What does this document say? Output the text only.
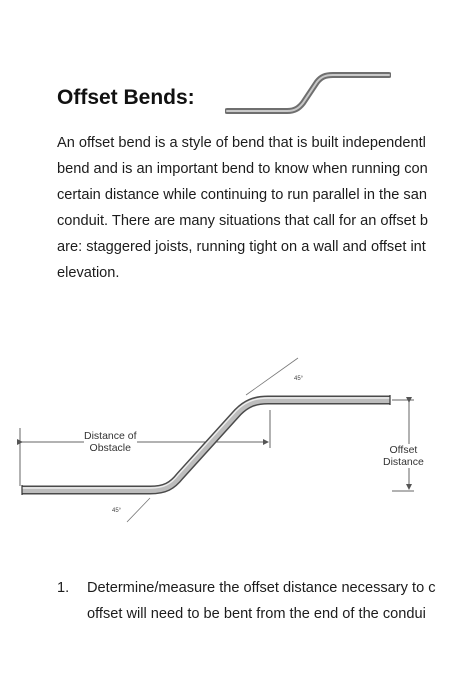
Offset Bends:
An offset bend is a style of bend that is built independentl
bend and is an important bend to know when running con
certain distance while continuing to run parallel in the san
conduit. There are many situations that call for an offset b
are: staggered joists, running tight on a wall and offset int
elevation.
Distance of
Obstacle	Offset
Distance
45°
45°
1. Determine/measure the offset distance necessary to c
offset will need to be bent from the end of the condui
